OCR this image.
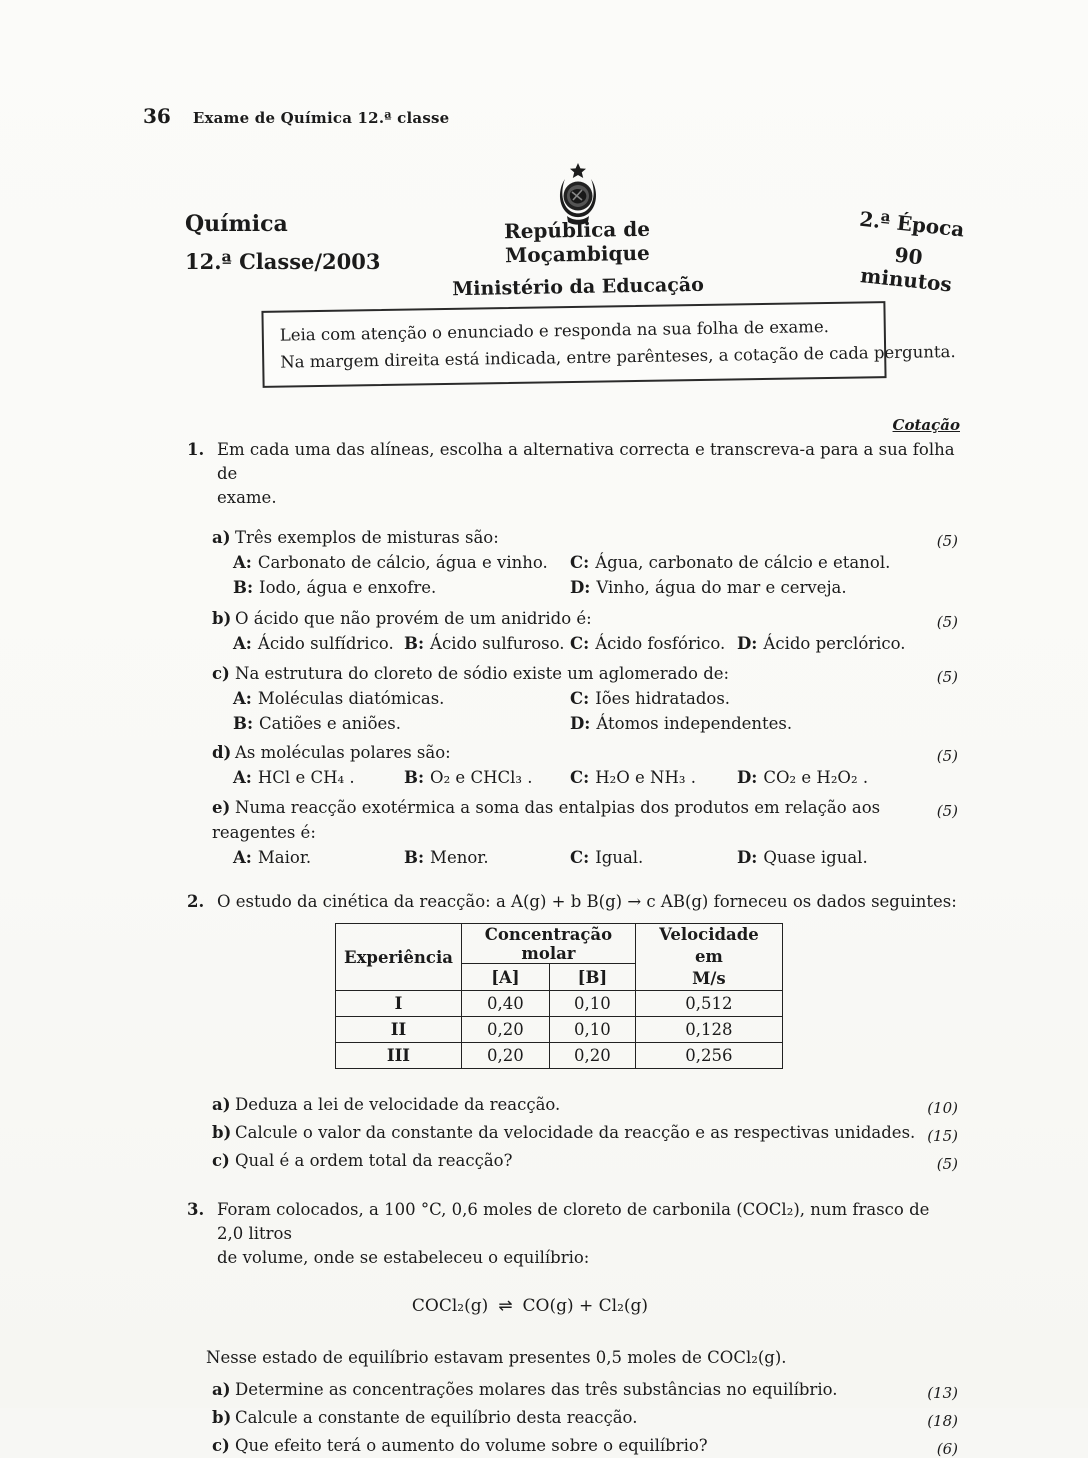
36 Exame de Química 12.ª classe
Química
12.ª Classe/2003
República de Moçambique
Ministério da Educação
2.ª Época
90 minutos
Leia com atenção o enunciado e responda na sua folha de exame.
Na margem direita está indicada, entre parênteses, a cotação de cada pergunta.
Cotação
1. Em cada uma das alíneas, escolha a alternativa correcta e transcreva-a para a sua folha de
exame.
a) Três exemplos de misturas são:	(5)
A: Carbonato de cálcio, água e vinho.	C: Água, carbonato de cálcio e etanol.
B: Iodo, água e enxofre.	D: Vinho, água do mar e cerveja.
b) O ácido que não provém de um anidrido é:	(5)
A: Ácido sulfídrico. B: Ácido sulfuroso. C: Ácido fosfórico. D: Ácido perclórico.
c) Na estrutura do cloreto de sódio existe um aglomerado de:	(5)
A: Moléculas diatómicas.	C: Iões hidratados.
B: Catiões e aniões.	D: Átomos independentes.
d) As moléculas polares são:	(5)
A: HCl e CH₄ .	B: O₂ e CHCl₃ .	C: H₂O e NH₃ .	D: CO₂ e H₂O₂ .
e) Numa reacção exotérmica a soma das entalpias dos produtos em relação aos reagentes é:
(5)
A: Maior.	B: Menor.	C: Igual.	D: Quase igual.
2. O estudo da cinética da reacção: a A(g) + b B(g) → c AB(g) forneceu os dados seguintes:
Experiência	Concentração molar		Velocidade em
M/s

	[A]	[B]	
I	0,40	0,10	0,512
II	0,20	0,10	0,128
III	0,20	0,20	0,256
a) Deduza a lei de velocidade da reacção.	(10)
b) Calcule o valor da constante da velocidade da reacção e as respectivas unidades. (15)
c) Qual é a ordem total da reacção?	(5)
3. Foram colocados, a 100 °C, 0,6 moles de cloreto de carbonila (COCl₂), num frasco de 2,0 litros
de volume, onde se estabeleceu o equilíbrio:
COCl₂(g) ⇌ CO(g) + Cl₂(g)
Nesse estado de equilíbrio estavam presentes 0,5 moles de COCl₂(g).
a) Determine as concentrações molares das três substâncias no equilíbrio.	(13)
b) Calcule a constante de equilíbrio desta reacção.	(18)
c) Que efeito terá o aumento do volume sobre o equilíbrio?	(6)
